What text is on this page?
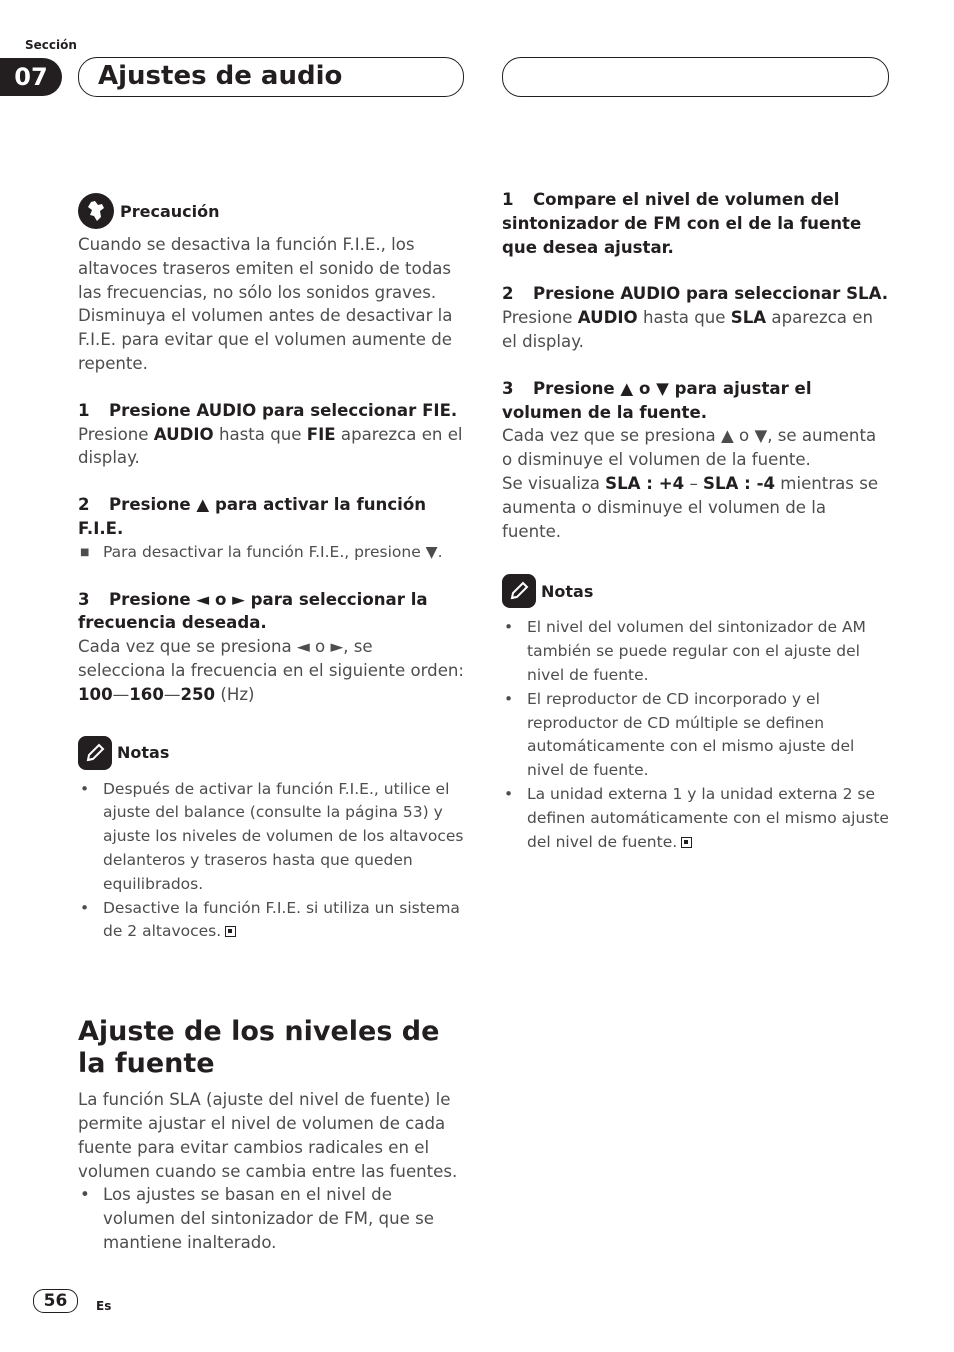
Sección
07	Ajustes de audio
Precaución
Cuando se desactiva la función F.I.E., los altavoces traseros emiten el sonido de todas las frecuencias, no sólo los sonidos graves. Disminuya el volumen antes de desactivar la F.I.E. para evitar que el volumen aumente de repente.
1 Presione AUDIO para seleccionar FIE.
Presione AUDIO hasta que FIE aparezca en el display.
2 Presione ▲ para activar la función F.I.E.
■ Para desactivar la función F.I.E., presione ▼.
3 Presione ◄ o ► para seleccionar la frecuencia deseada.
Cada vez que se presiona ◄ o ►, se selecciona la frecuencia en el siguiente orden:
100—160—250 (Hz)
Notas
• Después de activar la función F.I.E., utilice el ajuste del balance (consulte la página 53) y ajuste los niveles de volumen de los altavoces delanteros y traseros hasta que queden equilibrados.
• Desactive la función F.I.E. si utiliza un sistema de 2 altavoces.
Ajuste de los niveles de la fuente
La función SLA (ajuste del nivel de fuente) le permite ajustar el nivel de volumen de cada fuente para evitar cambios radicales en el volumen cuando se cambia entre las fuentes.
• Los ajustes se basan en el nivel de volumen del sintonizador de FM, que se mantiene inalterado.
1 Compare el nivel de volumen del sintonizador de FM con el de la fuente que desea ajustar.
2 Presione AUDIO para seleccionar SLA.
Presione AUDIO hasta que SLA aparezca en el display.
3 Presione ▲ o ▼ para ajustar el volumen de la fuente.
Cada vez que se presiona ▲ o ▼, se aumenta o disminuye el volumen de la fuente.
Se visualiza SLA : +4 – SLA : -4 mientras se aumenta o disminuye el volumen de la fuente.
Notas
• El nivel del volumen del sintonizador de AM también se puede regular con el ajuste del nivel de fuente.
• El reproductor de CD incorporado y el reproductor de CD múltiple se definen automáticamente con el mismo ajuste del nivel de fuente.
• La unidad externa 1 y la unidad externa 2 se definen automáticamente con el mismo ajuste del nivel de fuente.
56	Es
